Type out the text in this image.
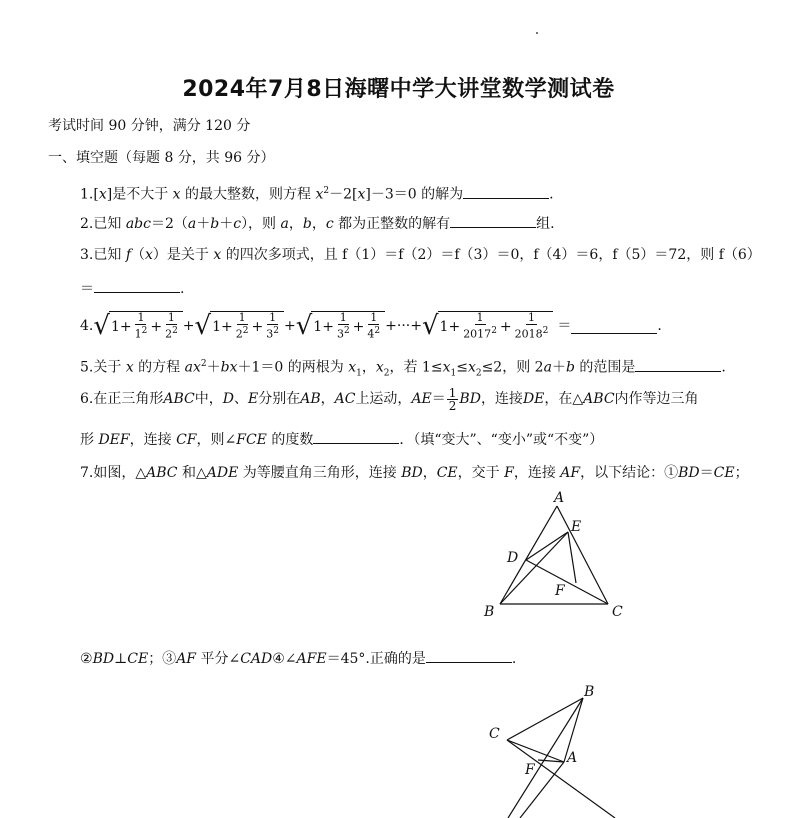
2024年7月8日海曙中学大讲堂数学测试卷
考试时间 90 分钟，满分 120 分
一、填空题（每题 8 分，共 96 分）
1.[x]是不大于 x 的最大整数，则方程 $x^2-2[x]-3=0$ 的解为	.
2.已知 abc＝2（a＋b＋c），则 a，b，c 都为正整数的解有	组.
3.已知 f（x）是关于 x 的四次多项式，且 f（1）＝f（2）＝f（3）＝0，f（4）＝6，f（5）＝72，则 f（6）
＝	.
4. √ $1 + \frac{1}{1^2} + \frac{1}{2^2}$ + √ $1 + \frac{1}{2^2} + \frac{1}{3^2}$ + √ $1 + \frac{1}{3^2} + \frac{1}{4^2}$ +···+ √ $1 + \frac{1}{2017^2} + \frac{1}{2018^2}$ ＝	.
5.关于 x 的方程 $ax^2+bx+1=0$ 的两根为 $x_1$，$x_2$，若 $1\le x_1\le x_2\le 2$，则 2a＋b 的范围是	.
6. 在正三角形 ABC 中， D 、 E 分别在 AB ， AC 上运动， AE ＝ $\frac{1}{2}$ BD ，连接 DE ，在△ ABC 内作等边三角
形 DEF，连接 CF，则∠FCE 的度数	．（填“变大”、“变小”或“不变”）
7.如图，△ABC 和△ADE 为等腰直角三角形，连接 BD，CE，交于 F，连接 AF，以下结论：①BD＝CE；
A
E
D
F
B	C
②BD⊥CE；③AF 平分∠CAD④∠AFE＝45°.正确的是	.
B
C
A
F
